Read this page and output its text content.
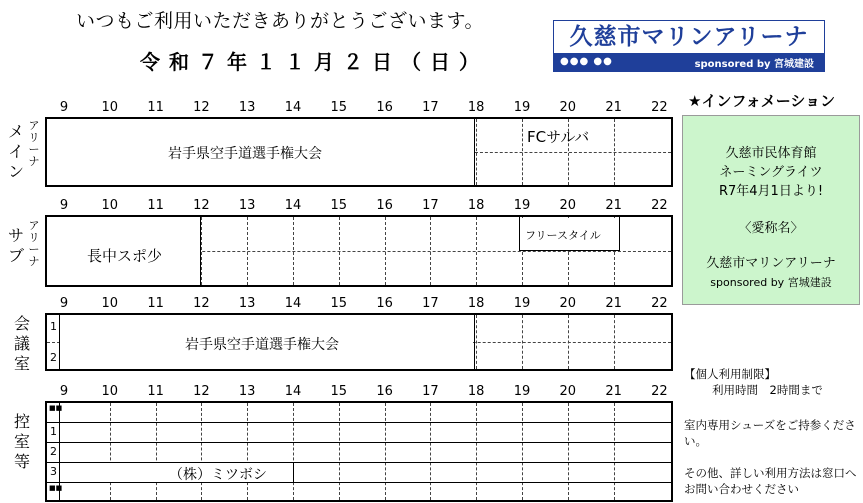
いつもご利用いただきありがとうございます。
令和７年１１月２日（日）
久慈市マリンアリーナ
●●● ●●	sponsored by 宮城建設
9	10	11	12	13	14	15	16	17	18	19	20	21	22
メ
イ
ン
ア
リ
ー
ナ	岩手県空手道選手権大会
FCサルバ
9	10	11	12	13	14	15	16	17	18	19	20	21	22
サ
ブ
ア
リ
ー
ナ	長中スポ少
フリースタイル
9	10	11	12	13	14	15	16	17	18	19	20	21	22
会
議
室
1
2
岩手県空手道選手権大会
9	10	11	12	13	14	15	16	17	18	19	20	21	22
控
室
等
■■
1
2
3
■■
（株）ミツボシ
★インフォメーション
久慈市民体育館
ネーミングライツ
R7年4月1日より!
〈愛称名〉
久慈市マリンアリーナ
sponsored by 宮城建設
【個人利用制限】
利用時間　2時間まで
室内専用シューズをご持参ください。
その他、詳しい利用方法は窓口へお問い合わせください
